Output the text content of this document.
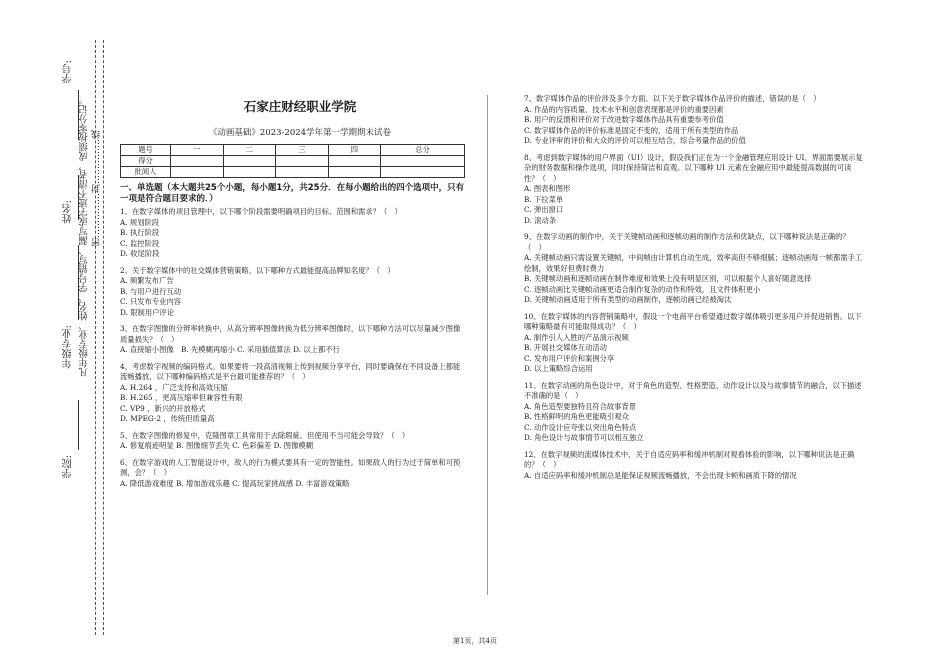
学号:
姓名:
年级专业: 凡年级专业、姓名、学号错写、漏写或字迹不清者，成绩按零分记。 密……………封……………线
学院:
石家庄财经职业学院
《动画基础》2023-2024学年第一学期期末试卷
题号	一	二	三	四	总分
得分					
批阅人					
一、单选题（本大题共25个小题，每小题1分，共25分．在每小题给出的四个选项中，只有一项是符合题目要求的．）

1、在数字媒体的项目管理中，以下哪个阶段需要明确项目的目标、范围和需求？（　）

A. 规划阶段

B. 执行阶段

C. 监控阶段

D. 收尾阶段

2、关于数字媒体中的社交媒体营销策略，以下哪种方式最能提高品牌知名度？（　）

A. 频繁发布广告

B. 与用户进行互动

C. 只发布专业内容

D. 限制用户评论

3、在数字图像的分辨率转换中，从高分辨率图像转换为低分辨率图像时，以下哪种方法可以尽量减少图像质量损失？（　）

A. 直接缩小图像　B. 先模糊再缩小 C. 采用插值算法 D. 以上都不行

4、考虑数字视频的编码格式。如果要将一段高清视频上传到视频分享平台，同时要确保在不同设备上都能流畅播放，以下哪种编码格式是平台最可能推荐的？（　）

A. H.264 ，广泛支持和高效压缩

B. H.265 ，更高压缩率但兼容性有限

C. VP9 ，新兴的开放格式

D. MPEG-2 ，传统但质量高

5、在数字图像的修复中，克隆图章工具常用于去除瑕疵。但使用不当可能会导致？（　）

A. 修复痕迹明显 B. 图像细节丢失 C. 色彩偏差 D. 图像模糊

6、在数字游戏的人工智能设计中，敌人的行为模式要具有一定的智能性。如果敌人的行为过于简单和可预测，会？（　）

A. 降低游戏难度 B. 增加游戏乐趣 C. 提高玩家挑战感 D. 丰富游戏策略

7、数字媒体作品的评价涉及多个方面。以下关于数字媒体作品评价的描述，错误的是（　）

A. 作品的内容质量、技术水平和创意表现都是评价的重要因素

B. 用户的反馈和评价对于改进数字媒体作品具有重要参考价值

C. 数字媒体作品的评价标准是固定不变的，适用于所有类型的作品

D. 专业评审的评价和大众的评价可以相互结合，综合考量作品的价值

8、考虑到数字媒体的用户界面（UI）设计，假设我们正在为一个金融管理应用设计 UI。界面需要展示复杂的财务数据和操作选项，同时保持简洁和直观。以下哪种 UI 元素在金融应用中最能提高数据的可读性？（　）

A. 图表和图形

B. 下拉菜单

C. 弹出窗口

D. 滚动条

9、在数字动画的制作中，关于关键帧动画和逐帧动画的制作方法和优缺点，以下哪种说法是正确的？（　）

A. 关键帧动画只需设置关键帧，中间帧由计算机自动生成，效率高但不够细腻；逐帧动画每一帧都需手工绘制，效果好但费时费力

B. 关键帧动画和逐帧动画在制作难度和效果上没有明显区别，可以根据个人喜好随意选择

C. 逐帧动画比关键帧动画更适合制作复杂的动作和特效，且文件体积更小

D. 关键帧动画适用于所有类型的动画制作，逐帧动画已经被淘汰

10、在数字媒体的内容营销策略中，假设一个电商平台希望通过数字媒体吸引更多用户并促进销售。以下哪种策略最有可能取得成功？（　）

A. 制作引人入胜的产品演示视频

B. 开展社交媒体互动活动

C. 发布用户评价和案例分享

D. 以上策略综合运用

11、在数字动画的角色设计中，对于角色的造型、性格塑造、动作设计以及与故事情节的融合，以下描述不准确的是（　）

A. 角色造型要独特且符合故事背景

B. 性格鲜明的角色更能吸引观众

C. 动作设计应夸张以突出角色特点

D. 角色设计与故事情节可以相互独立

12、在数字视频的流媒体技术中，关于自适应码率和缓冲机制对观看体验的影响，以下哪种说法是正确的？（　）

A. 自适应码率和缓冲机制总是能保证视频流畅播放，不会出现卡顿和画质下降的情况

第1页，共4页
